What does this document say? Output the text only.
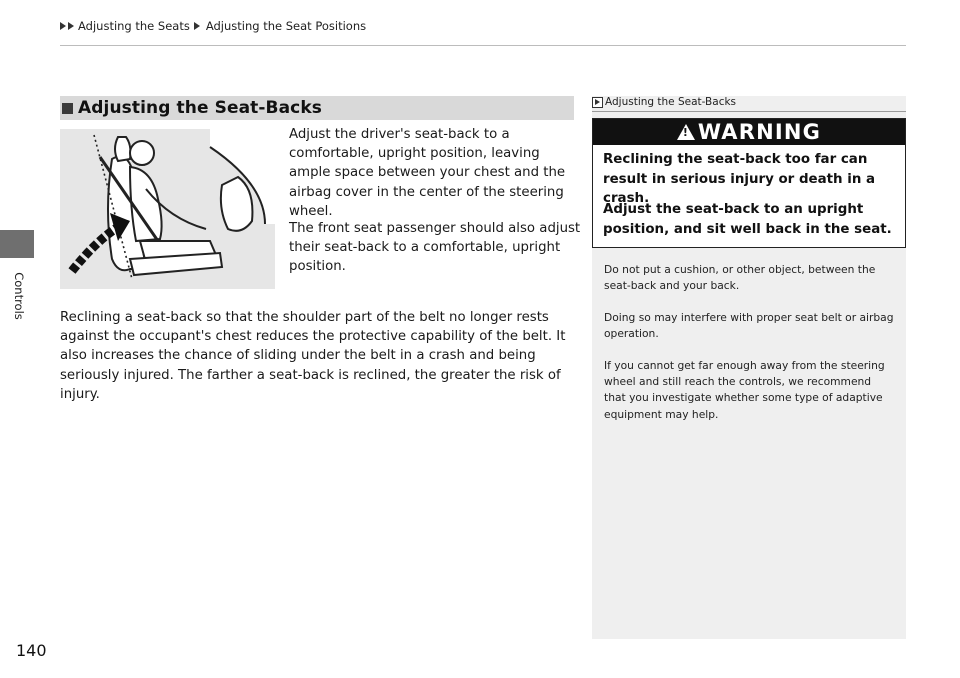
Adjusting the Seats Adjusting the Seat Positions
Controls
Adjusting the Seat-Backs
Adjust the driver's seat-back to a comfortable, upright position, leaving ample space between your chest and the airbag cover in the center of the steering wheel.
The front seat passenger should also adjust their seat-back to a comfortable, upright position.
Reclining a seat-back so that the shoulder part of the belt no longer rests against the occupant's chest reduces the protective capability of the belt. It also increases the chance of sliding under the belt in a crash and being seriously injured. The farther a seat-back is reclined, the greater the risk of injury.
Adjusting the Seat-Backs
!
WARNING
Reclining the seat-back too far can result in serious injury or death in a crash.
Adjust the seat-back to an upright position, and sit well back in the seat.
Do not put a cushion, or other object, between the seat-back and your back.
Doing so may interfere with proper seat belt or airbag operation.
If you cannot get far enough away from the steering wheel and still reach the controls, we recommend that you investigate whether some type of adaptive equipment may help.
140
